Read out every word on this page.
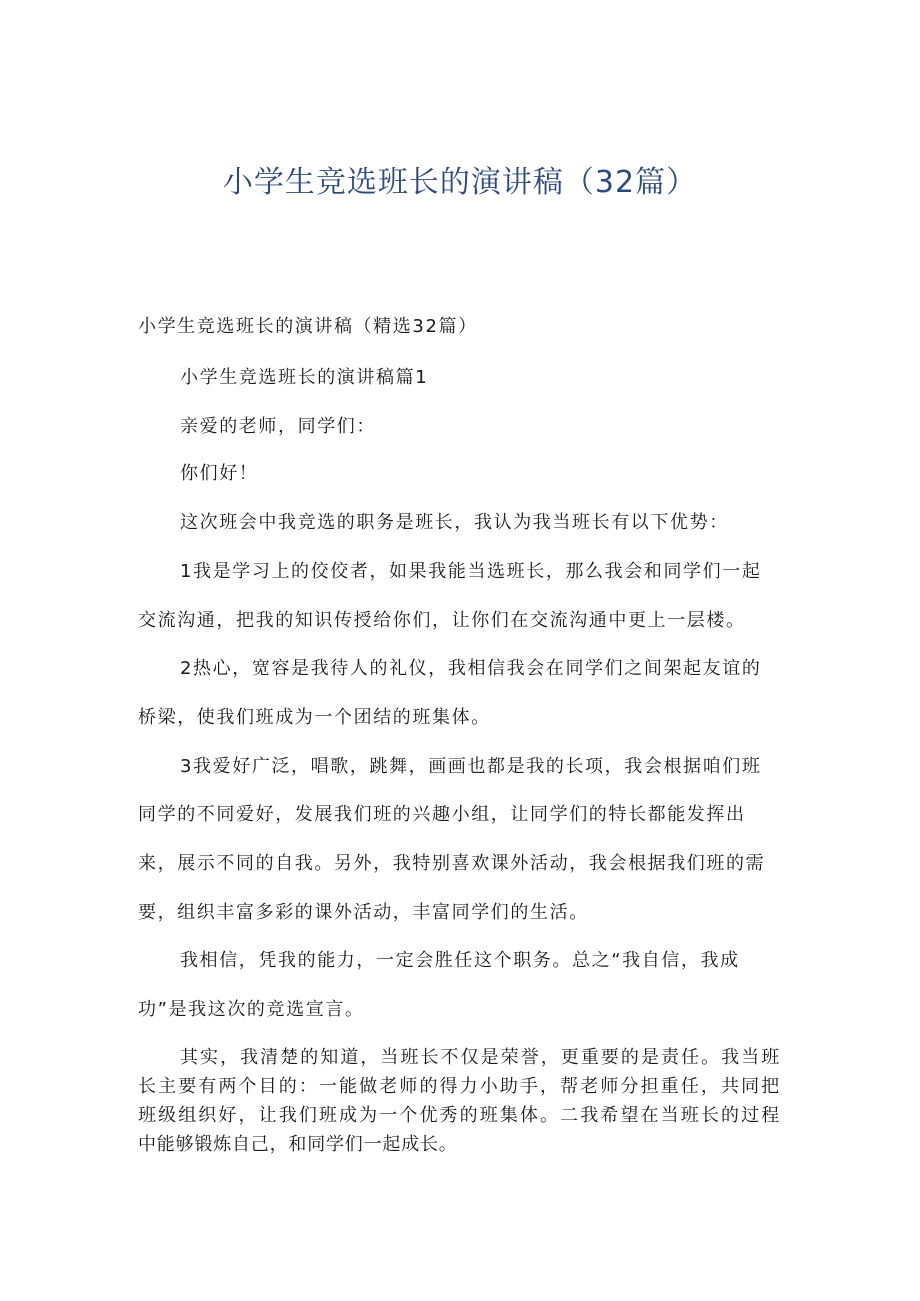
小学生竞选班长的演讲稿（32篇）

小学生竞选班长的演讲稿（精选32篇）

小学生竞选班长的演讲稿篇1

亲爱的老师，同学们：

你们好！

这次班会中我竞选的职务是班长，我认为我当班长有以下优势：

1我是学习上的佼佼者，如果我能当选班长，那么我会和同学们一起

交流沟通，把我的知识传授给你们，让你们在交流沟通中更上一层楼。

2热心，宽容是我待人的礼仪，我相信我会在同学们之间架起友谊的

桥梁，使我们班成为一个团结的班集体。

3我爱好广泛，唱歌，跳舞，画画也都是我的长项，我会根据咱们班

同学的不同爱好，发展我们班的兴趣小组，让同学们的特长都能发挥出

来，展示不同的自我。另外，我特别喜欢课外活动，我会根据我们班的需

要，组织丰富多彩的课外活动，丰富同学们的生活。

我相信，凭我的能力，一定会胜任这个职务。总之“我自信，我成

功”是我这次的竞选宣言。

其实，我清楚的知道，当班长不仅是荣誉，更重要的是责任。我当班
长主要有两个目的：一能做老师的得力小助手，帮老师分担重任，共同把
班级组织好，让我们班成为一个优秀的班集体。二我希望在当班长的过程
中能够锻炼自己，和同学们一起成长。
